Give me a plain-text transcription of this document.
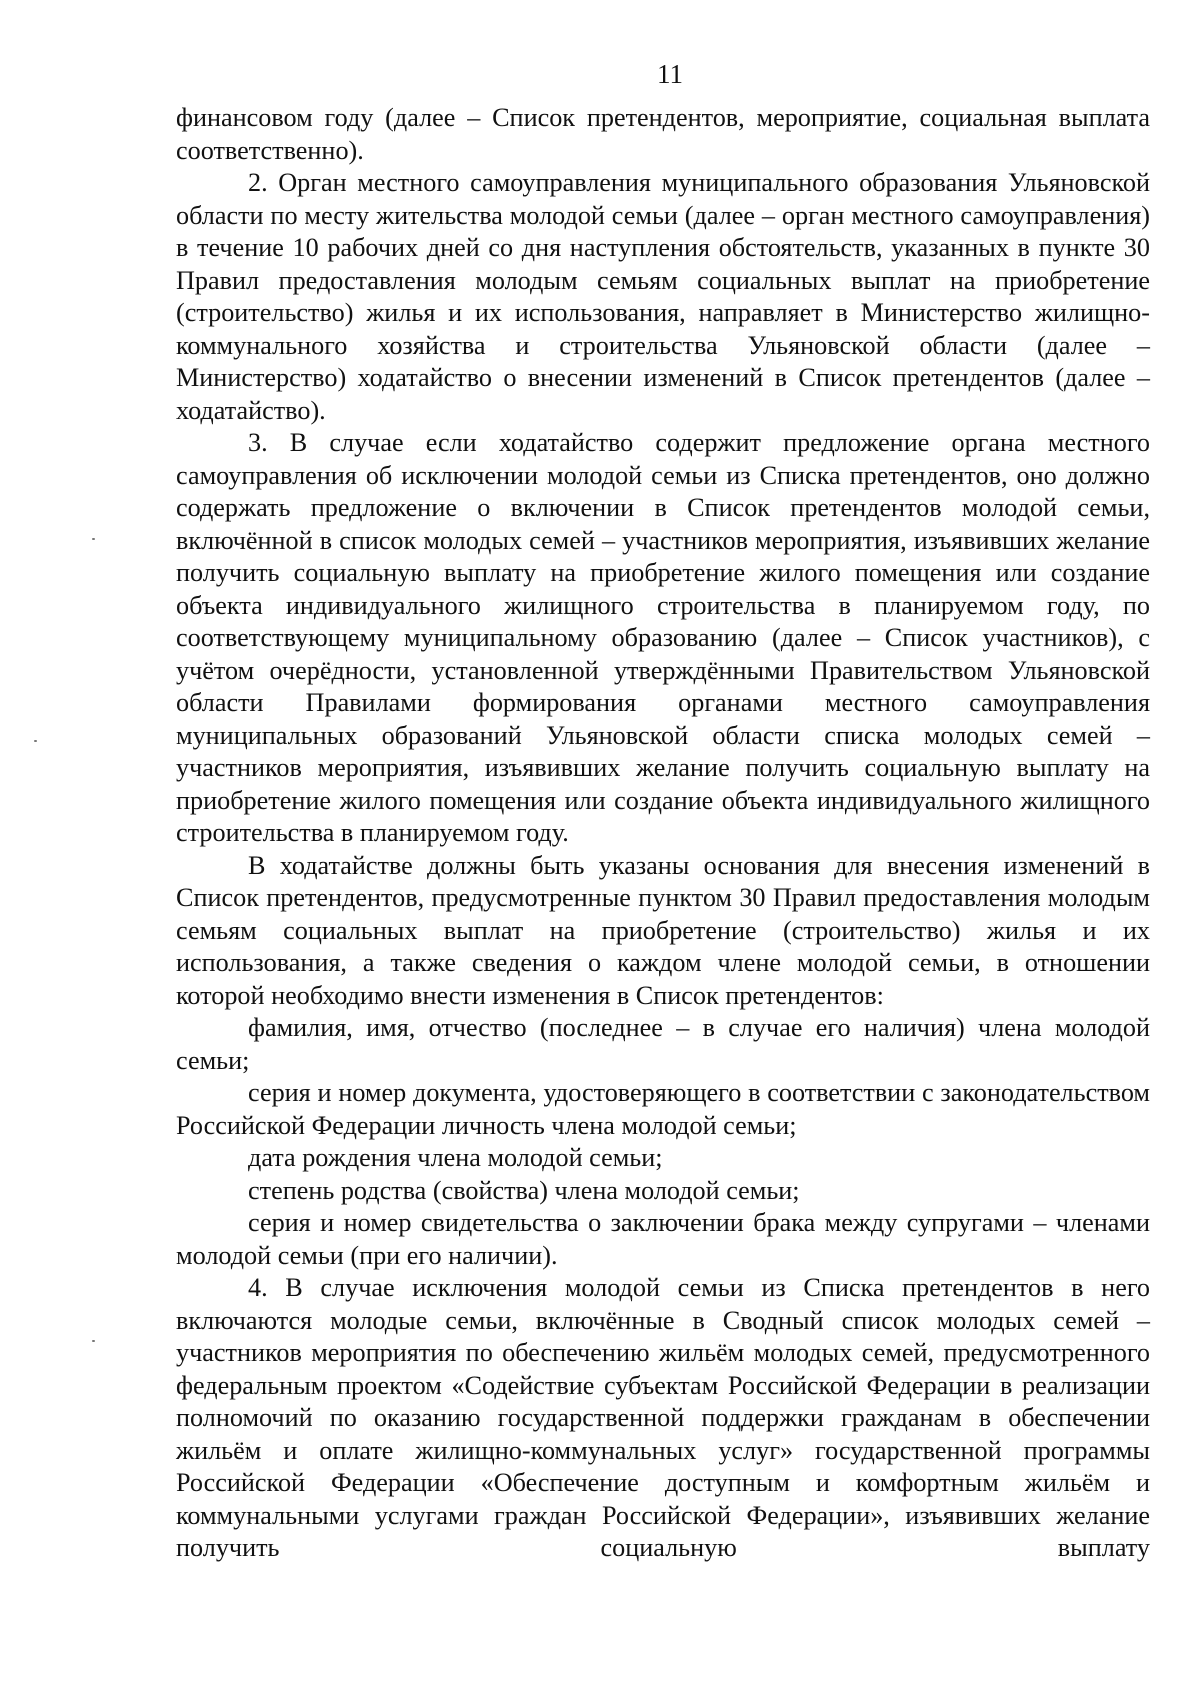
11

финансовом году (далее – Список претендентов, мероприятие, социальная выплата соответственно).

2. Орган местного самоуправления муниципального образования Ульяновской области по месту жительства молодой семьи (далее – орган местного самоуправления) в течение 10 рабочих дней со дня наступления обстоятельств, указанных в пункте 30 Правил предоставления молодым семьям социальных выплат на приобретение (строительство) жилья и их использования, направляет в Министерство жилищно-коммунального хозяйства и строительства Ульяновской области (далее – Министерство) ходатайство о внесении изменений в Список претендентов (далее – ходатайство).

3. В случае если ходатайство содержит предложение органа местного самоуправления об исключении молодой семьи из Списка претендентов, оно должно содержать предложение о включении в Список претендентов молодой семьи, включённой в список молодых семей – участников мероприятия, изъявивших желание получить социальную выплату на приобретение жилого помещения или создание объекта индивидуального жилищного строительства в планируемом году, по соответствующему муниципальному образованию (далее – Список участников), с учётом очерёдности, установленной утверждёнными Правительством Ульяновской области Правилами формирования органами местного самоуправления муниципальных образований Ульяновской области списка молодых семей – участников мероприятия, изъявивших желание получить социальную выплату на приобретение жилого помещения или создание объекта индивидуального жилищного строительства в планируемом году.

В ходатайстве должны быть указаны основания для внесения изменений в Список претендентов, предусмотренные пунктом 30 Правил предоставления молодым семьям социальных выплат на приобретение (строительство) жилья и их использования, а также сведения о каждом члене молодой семьи, в отношении которой необходимо внести изменения в Список претендентов:

фамилия, имя, отчество (последнее – в случае его наличия) члена молодой семьи;

серия и номер документа, удостоверяющего в соответствии с законодательством Российской Федерации личность члена молодой семьи;

дата рождения члена молодой семьи;

степень родства (свойства) члена молодой семьи;

серия и номер свидетельства о заключении брака между супругами – членами молодой семьи (при его наличии).

4. В случае исключения молодой семьи из Списка претендентов в него включаются молодые семьи, включённые в Сводный список молодых семей – участников мероприятия по обеспечению жильём молодых семей, предусмотренного федеральным проектом «Содействие субъектам Российской Федерации в реализации полномочий по оказанию государственной поддержки гражданам в обеспечении жильём и оплате жилищно-коммунальных услуг» государственной программы Российской Федерации «Обеспечение доступным и комфортным жильём и коммунальными услугами граждан Российской Федерации», изъявивших желание получить социальную выплату
